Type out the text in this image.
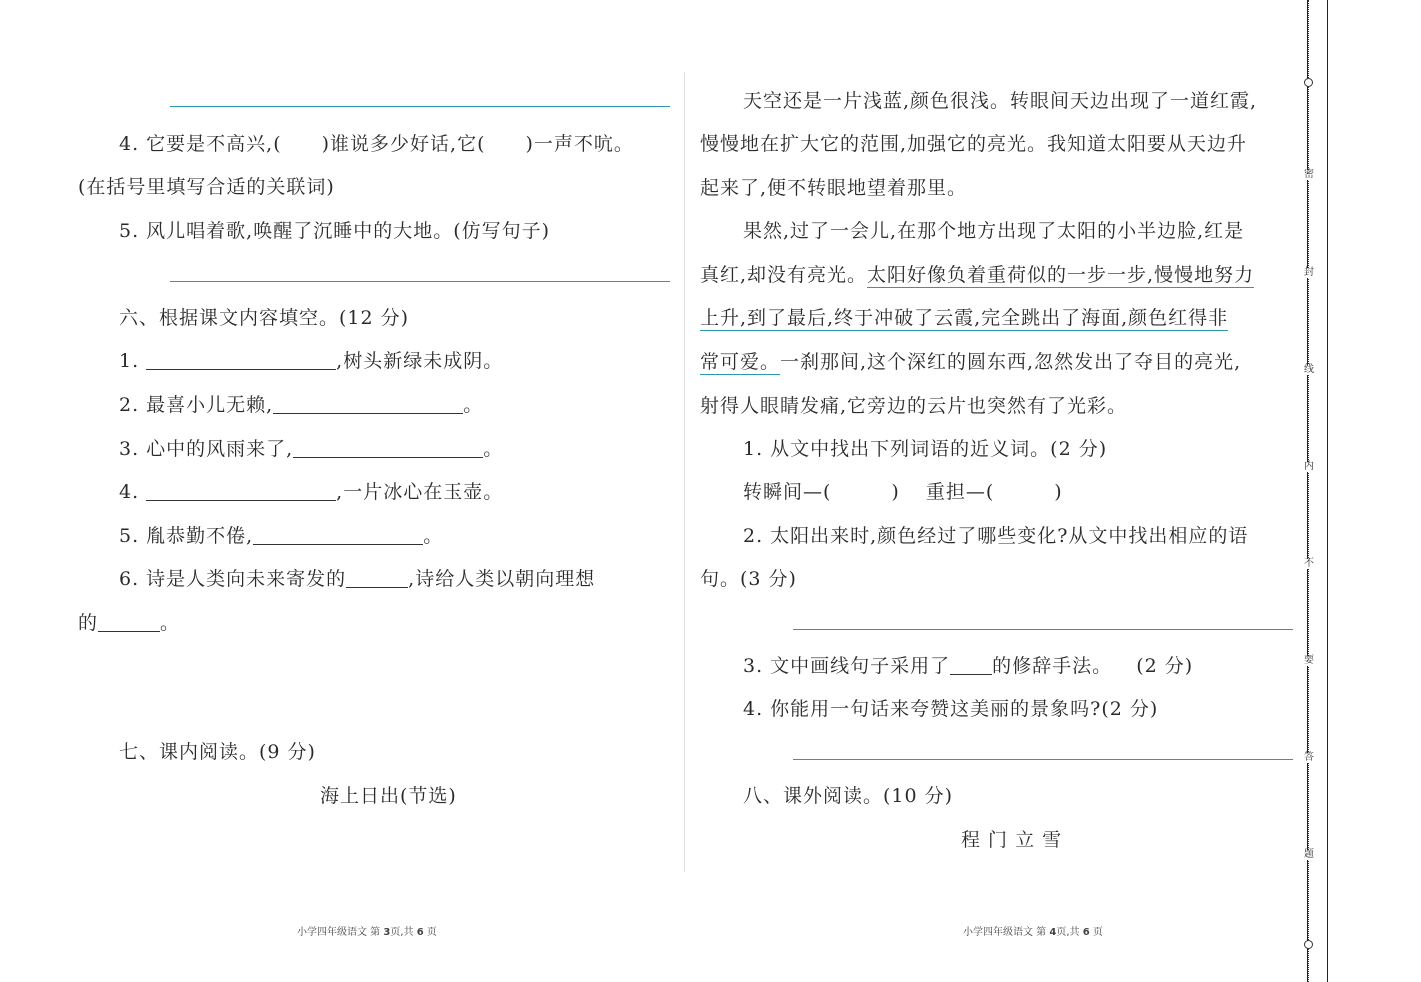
4. 它要是不高兴,( )谁说多少好话,它( )一声不吭。
(在括号里填写合适的关联词)
5. 风儿唱着歌,唤醒了沉睡中的大地。(仿写句子)
六、根据课文内容填空。(12 分)
1.	,树头新绿未成阴。
2. 最喜小儿无赖,	。
3. 心中的风雨来了,	。
4.	,一片冰心在玉壶。
5. 胤恭勤不倦,	。
6. 诗是人类向未来寄发的	,诗给人类以朝向理想
的	。
七、课内阅读。(9 分)
海上日出(节选)
小学四年级语文 第 3页,共 6 页
天空还是一片浅蓝,颜色很浅。转眼间天边出现了一道红霞,
慢慢地在扩大它的范围,加强它的亮光。我知道太阳要从天边升
起来了,便不转眼地望着那里。
果然,过了一会儿,在那个地方出现了太阳的小半边脸,红是
真红,却没有亮光。太阳好像负着重荷似的一步一步,慢慢地努力
上升,到了最后,终于冲破了云霞,完全跳出了海面,颜色红得非
常可爱。一刹那间,这个深红的圆东西,忽然发出了夺目的亮光,
射得人眼睛发痛,它旁边的云片也突然有了光彩。
1. 从文中找出下列词语的近义词。(2 分)
转瞬间—(	) 重担—(	)
2. 太阳出来时,颜色经过了哪些变化?从文中找出相应的语
句。(3 分)
3. 文中画线句子采用了 的修辞手法。 (2 分)
4. 你能用一句话来夸赞这美丽的景象吗?(2 分)
八、课外阅读。(10 分)
程 门 立 雪
小学四年级语文 第 4页,共 6 页
密
封
线
内
不
要
答
题
